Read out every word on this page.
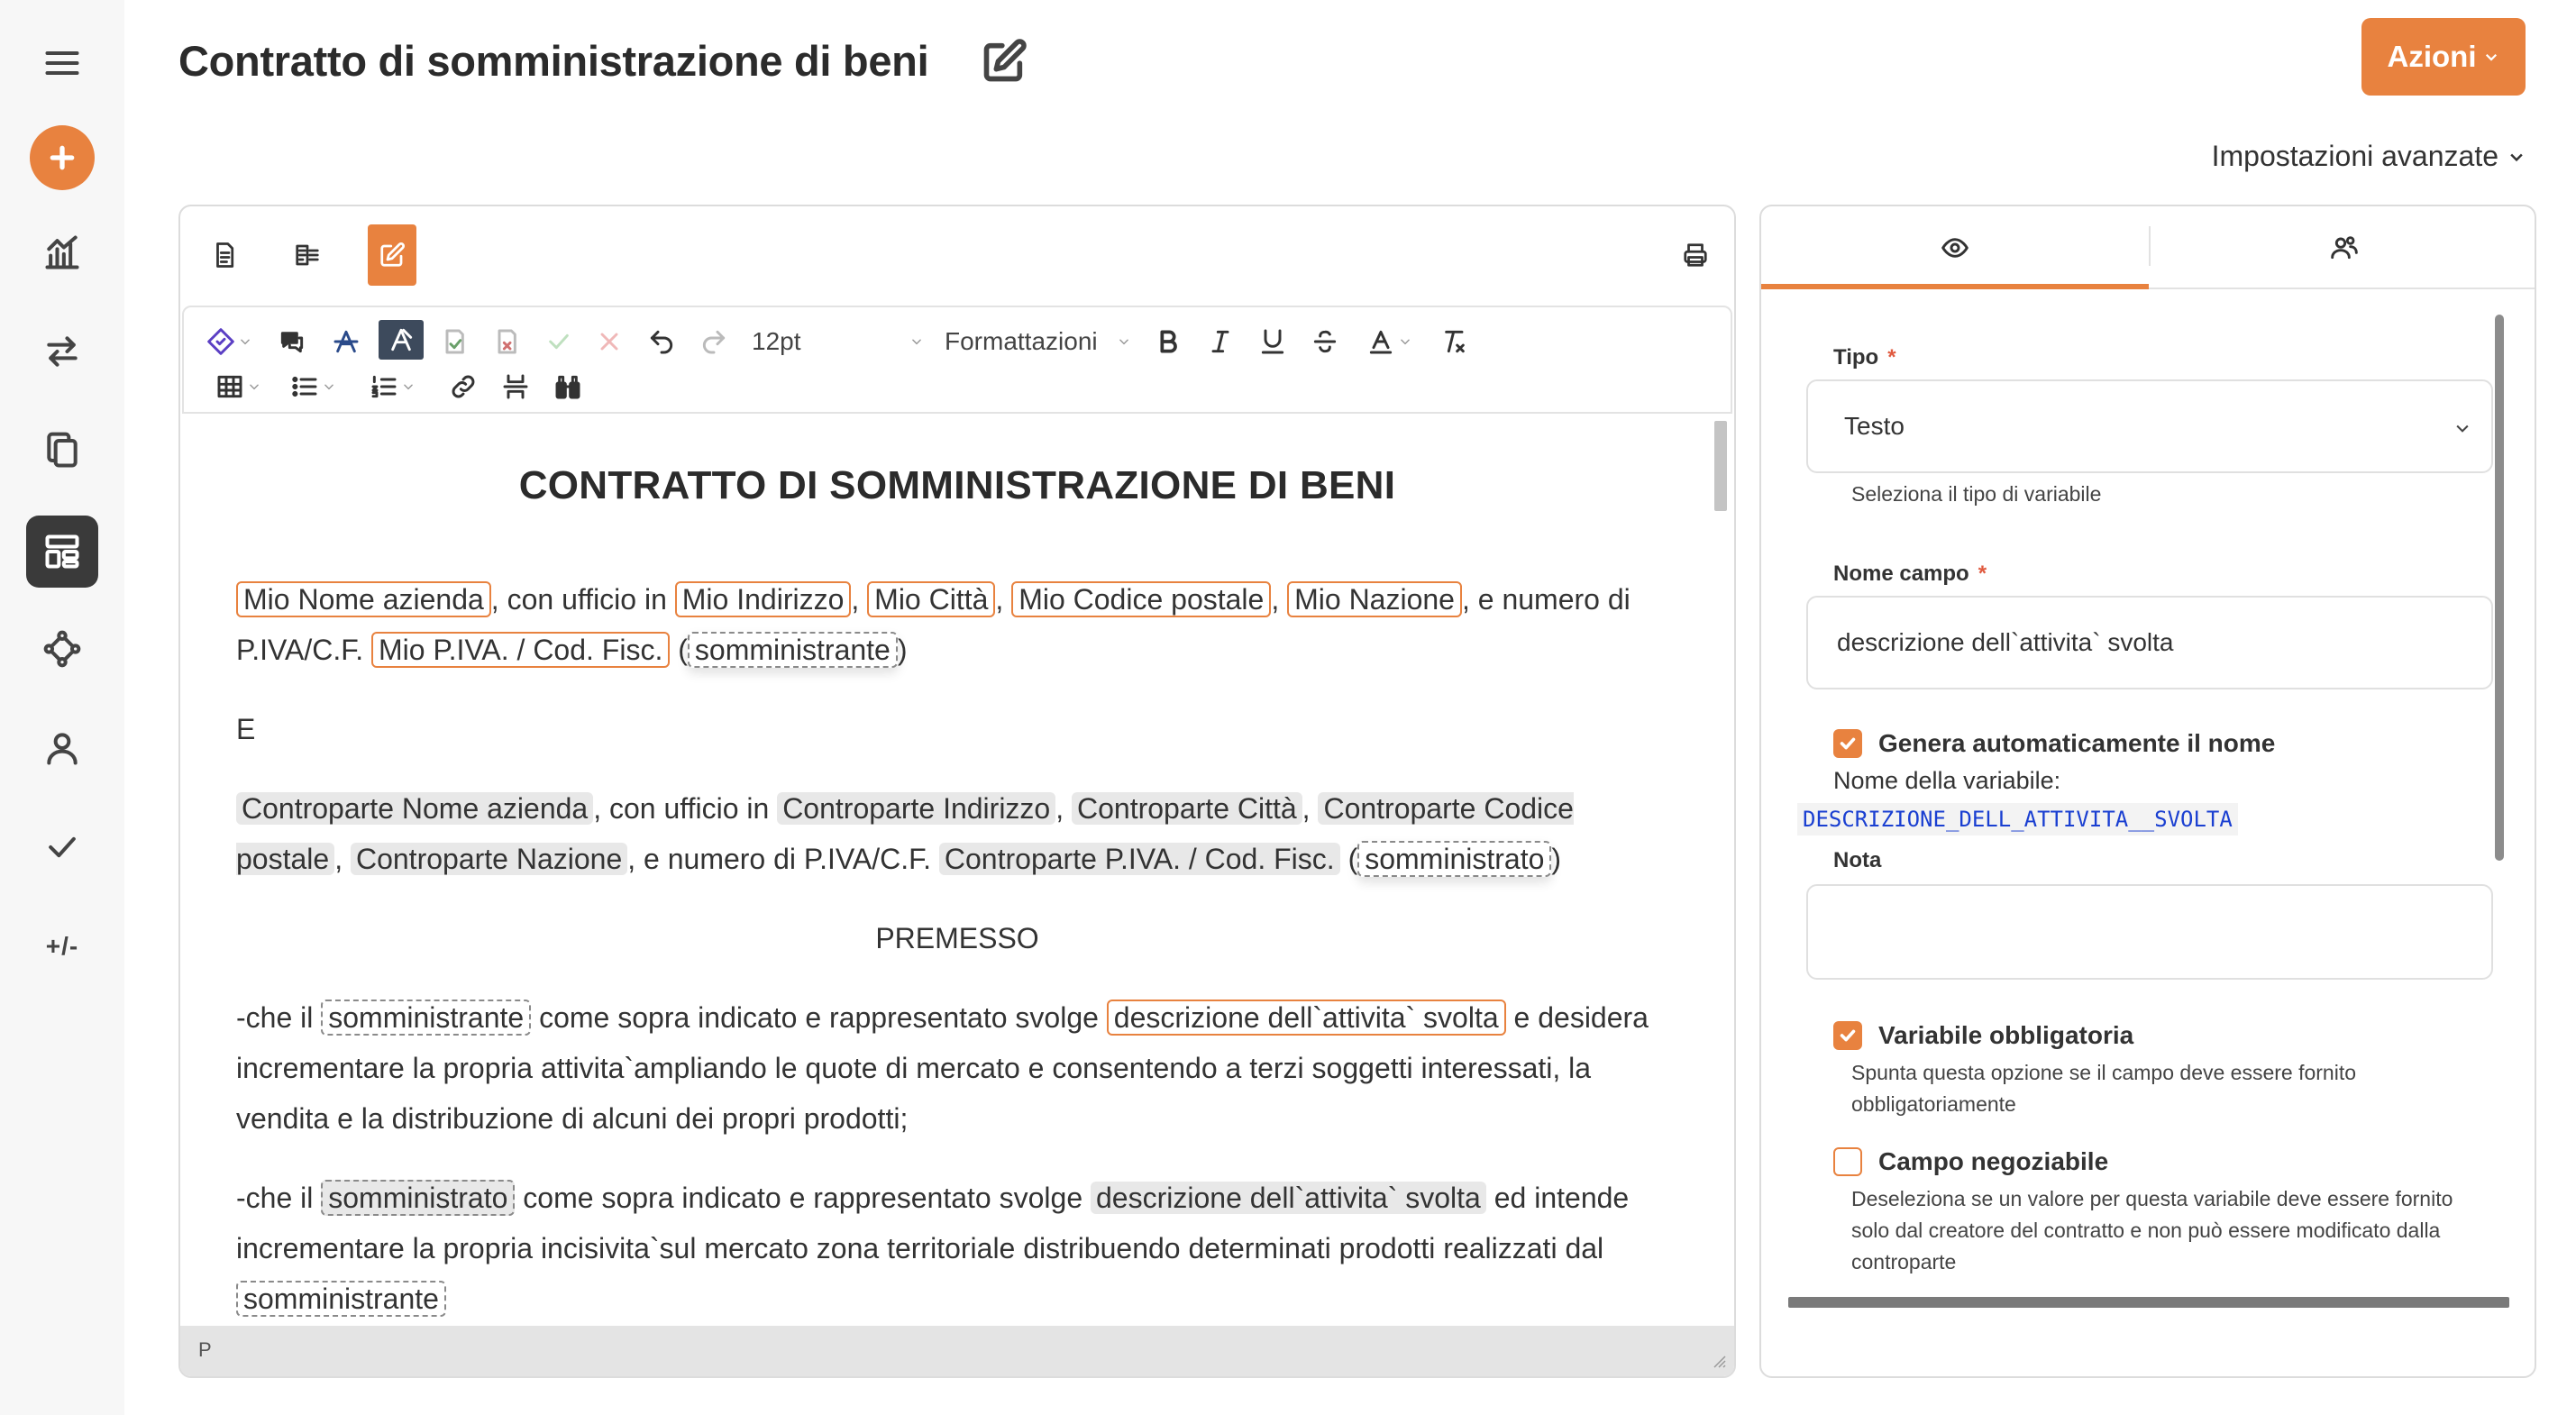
+/-
Contratto di somministrazione di beni	Azioni
Impostazioni avanzate
12pt	Formattazioni
CONTRATTO DI SOMMINISTRAZIONE DI BENI

Mio Nome azienda , con ufficio in Mio Indirizzo , Mio Città , Mio Codice postale , Mio Nazione , e numero di P.IVA/C.F. Mio P.IVA. / Cod. Fisc. ( somministrante )

E

Controparte Nome azienda , con ufficio in Controparte Indirizzo , Controparte Città , Controparte Codice postale , Controparte Nazione , e numero di P.IVA/C.F. Controparte P.IVA. / Cod. Fisc. ( somministrato )

PREMESSO

-che il somministrante come sopra indicato e rappresentato svolge descrizione dell`attivita` svolta e desidera incrementare la propria attivita`ampliando le quote di mercato e consentendo a terzi soggetti interessati, la vendita e la distribuzione di alcuni dei propri prodotti;

-che il somministrato come sopra indicato e rappresentato svolge descrizione dell`attivita` svolta ed intende incrementare la propria incisivita`sul mercato zona territoriale distribuendo determinati prodotti realizzati dal somministrante

P
Tipo *
Testo
Seleziona il tipo di variabile
Nome campo *
descrizione dell`attivita` svolta
Genera automaticamente il nome
Nome della variabile:
DESCRIZIONE_DELL_ATTIVITA__SVOLTA
Nota
Variabile obbligatoria
Spunta questa opzione se il campo deve essere fornito obbligatoriamente
Campo negoziabile
Deseleziona se un valore per questa variabile deve essere fornito solo dal creatore del contratto e non può essere modificato dalla controparte
